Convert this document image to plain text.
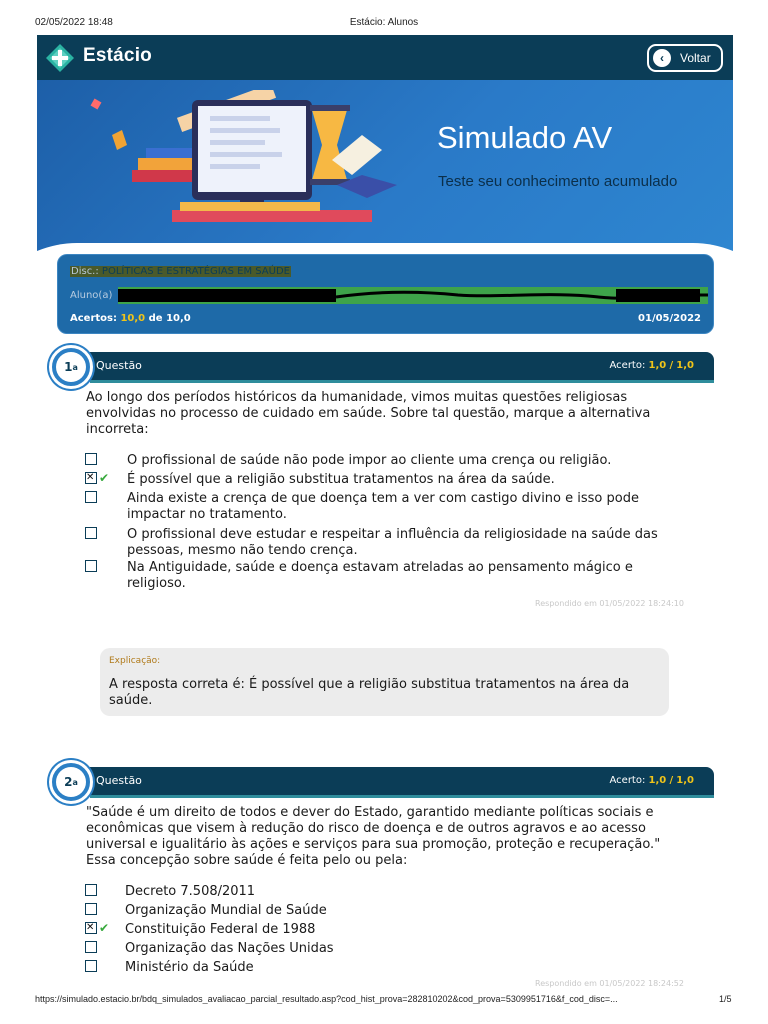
02/05/2022 18:48	Estácio: Alunos
Estácio	‹	Voltar
Simulado AV
Teste seu conhecimento acumulado
Disc.: POLÍTICAS E ESTRATÉGIAS EM SAÚDE
Aluno(a)
Acertos: 10,0 de 10,0	01/05/2022
1 a Questão	Acerto: 1,0 / 1,0
Ao longo dos períodos históricos da humanidade, vimos muitas questões religiosas envolvidas no processo de cuidado em saúde. Sobre tal questão, marque a alternativa incorreta:
O profissional de saúde não pode impor ao cliente uma crença ou religião.
✕
✔ É possível que a religião substitua tratamentos na área da saúde.
Ainda existe a crença de que doença tem a ver com castigo divino e isso pode impactar no tratamento.
O profissional deve estudar e respeitar a influência da religiosidade na saúde das pessoas, mesmo não tendo crença.
Na Antiguidade, saúde e doença estavam atreladas ao pensamento mágico e religioso.
Respondido em 01/05/2022 18:24:10
Explicação:
A resposta correta é: É possível que a religião substitua tratamentos na área da saúde.
2 a Questão	Acerto: 1,0 / 1,0
"Saúde é um direito de todos e dever do Estado, garantido mediante políticas sociais e econômicas que visem à redução do risco de doença e de outros agravos e ao acesso universal e igualitário às ações e serviços para sua promoção, proteção e recuperação." Essa concepção sobre saúde é feita pelo ou pela:
Decreto 7.508/2011
Organização Mundial de Saúde
✕
✔ Constituição Federal de 1988
Organização das Nações Unidas
Ministério da Saúde
Respondido em 01/05/2022 18:24:52
https://simulado.estacio.br/bdq_simulados_avaliacao_parcial_resultado.asp?cod_hist_prova=282810202&cod_prova=5309951716&f_cod_disc=...	1/5
